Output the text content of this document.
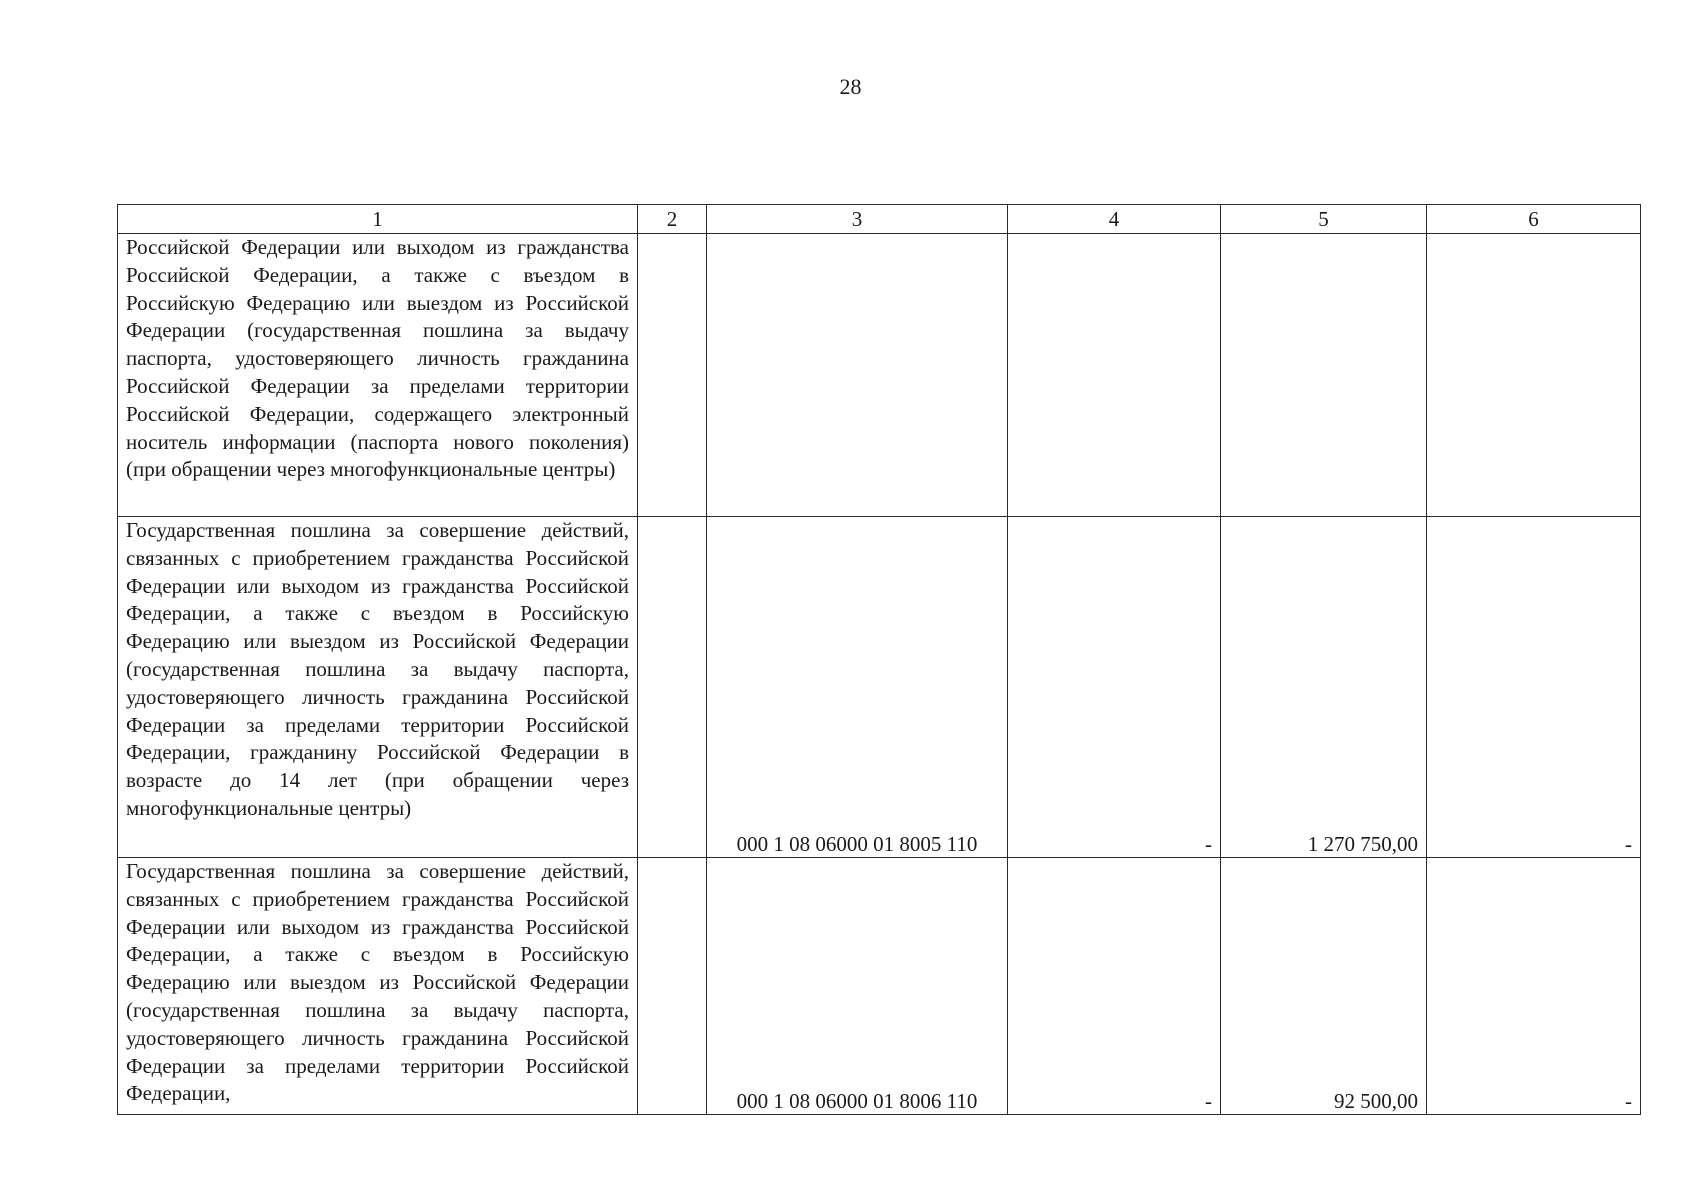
28
1	2	3	4	5	6
Российской Федерации или выходом из гражданства Российской Федерации, а также с въездом в Российскую Федерацию или выездом из Российской Федерации (государственная пошлина за выдачу паспорта, удостоверяющего личность гражданина Российской Федерации за пределами территории Российской Федерации, содержащего электронный носитель информации (паспорта нового поколения) (при обращении через многофункциональные центры)					
Государственная пошлина за совершение действий, связанных с приобретением гражданства Российской Федерации или выходом из гражданства Российской Федерации, а также с въездом в Российскую Федерацию или выездом из Российской Федерации (государственная пошлина за выдачу паспорта, удостоверяющего личность гражданина Российской Федерации за пределами территории Российской Федерации, гражданину Российской Федерации в возрасте до 14 лет (при обращении через многофункциональные центры)		000 1 08 06000 01 8005 110	-	1 270 750,00	-
Государственная пошлина за совершение действий, связанных с приобретением гражданства Российской Федерации или выходом из гражданства Российской Федерации, а также с въездом в Российскую Федерацию или выездом из Российской Федерации (государственная пошлина за выдачу паспорта, удостоверяющего личность гражданина Российской Федерации за пределами территории Российской Федерации,		000 1 08 06000 01 8006 110	-	92 500,00	-
